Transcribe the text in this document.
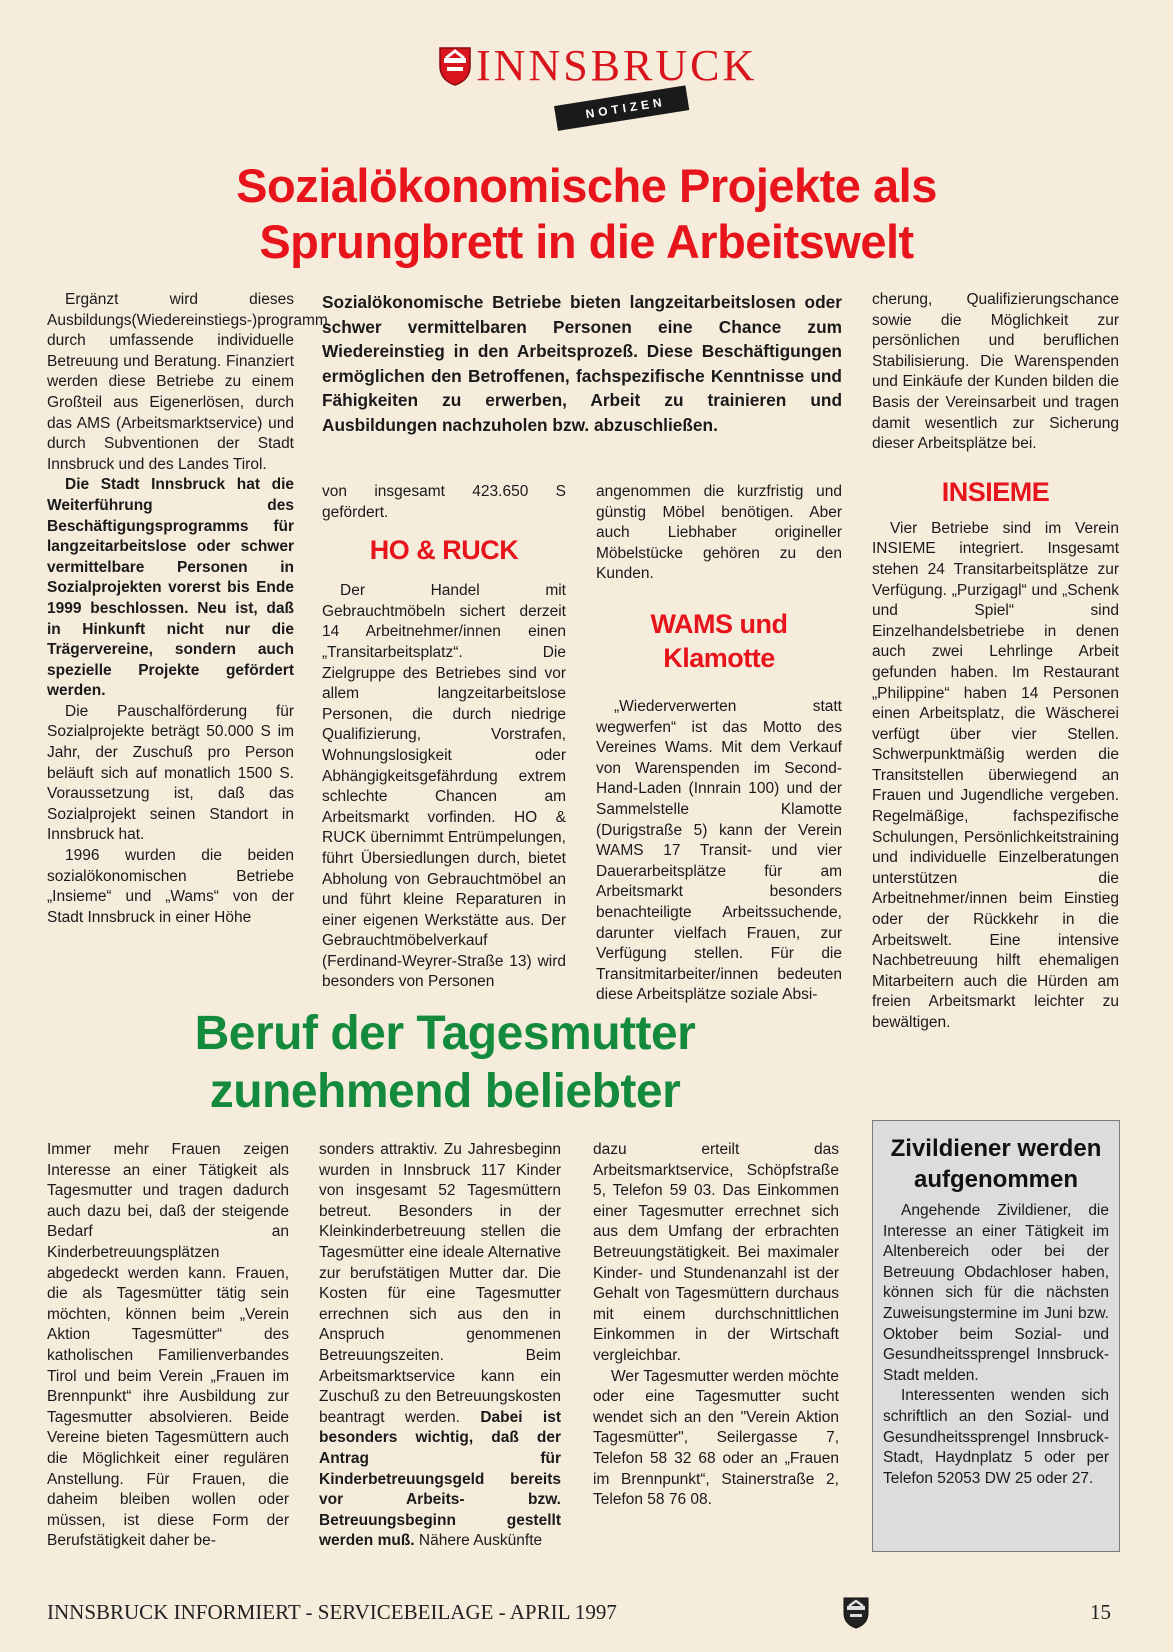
INNSBRUCK
NOTIZEN
Sozialökonomische Projekte als
Sprungbrett in die Arbeitswelt

Ergänzt wird dieses Ausbildungs(Wiedereinstiegs-)programm durch umfassende individuelle Betreuung und Beratung. Finanziert werden diese Betriebe zu einem Großteil aus Eigenerlösen, durch das AMS (Arbeitsmarktservice) und durch Subventionen der Stadt Innsbruck und des Landes Tirol.

Die Stadt Innsbruck hat die Weiterführung des Beschäftigungsprogramms für langzeitarbeitslose oder schwer vermittelbare Personen in Sozialprojekten vorerst bis Ende 1999 beschlossen. Neu ist, daß in Hinkunft nicht nur die Trägervereine, sondern auch spezielle Projekte gefördert werden.

Die Pauschalförderung für Sozialprojekte beträgt 50.000 S im Jahr, der Zuschuß pro Person beläuft sich auf monatlich 1500 S. Voraussetzung ist, daß das Sozialprojekt seinen Standort in Innsbruck hat.

1996 wurden die beiden sozialökonomischen Betriebe „Insieme“ und „Wams“ von der Stadt Innsbruck in einer Höhe

Sozialökonomische Betriebe bieten langzeitarbeitslosen oder schwer vermittelbaren Personen eine Chance zum Wiedereinstieg in den Arbeitsprozeß. Diese Beschäftigungen ermöglichen den Betroffenen, fachspezifische Kenntnisse und Fähigkeiten zu erwerben, Arbeit zu trainieren und Ausbildungen nachzuholen bzw. abzuschließen.

von insgesamt 423.650 S gefördert.

HO & RUCK

Der Handel mit Gebrauchtmöbeln sichert derzeit 14 Arbeitnehmer/innen einen „Transitarbeitsplatz“. Die Zielgruppe des Betriebes sind vor allem langzeitarbeitslose Personen, die durch niedrige Qualifizierung, Vorstrafen, Wohnungslosigkeit oder Abhängigkeitsgefährdung extrem schlechte Chancen am Arbeitsmarkt vorfinden. HO & RUCK übernimmt Entrümpelungen, führt Übersiedlungen durch, bietet Abholung von Gebrauchtmöbel an und führt kleine Reparaturen in einer eigenen Werkstätte aus. Der Gebrauchtmöbelverkauf (Ferdinand-Weyrer-Straße 13) wird besonders von Personen

angenommen die kurzfristig und günstig Möbel benötigen. Aber auch Liebhaber origineller Möbelstücke gehören zu den Kunden.

WAMS und
Klamotte

„Wiederverwerten statt wegwerfen“ ist das Motto des Vereines Wams. Mit dem Verkauf von Warenspenden im Second-Hand-Laden (Innrain 100) und der Sammelstelle Klamotte (Durigstraße 5) kann der Verein WAMS 17 Transit- und vier Dauerarbeitsplätze für am Arbeitsmarkt besonders benachteiligte Arbeitssuchende, darunter vielfach Frauen, zur Verfügung stellen. Für die Transitmitarbeiter/innen bedeuten diese Arbeitsplätze soziale Absi-

cherung, Qualifizierungschance sowie die Möglichkeit zur persönlichen und beruflichen Stabilisierung. Die Warenspenden und Einkäufe der Kunden bilden die Basis der Vereinsarbeit und tragen damit wesentlich zur Sicherung dieser Arbeitsplätze bei.

INSIEME

Vier Betriebe sind im Verein INSIEME integriert. Insgesamt stehen 24 Transitarbeitsplätze zur Verfügung. „Purzigagl“ und „Schenk und Spiel“ sind Einzelhandelsbetriebe in denen auch zwei Lehrlinge Arbeit gefunden haben. Im Restaurant „Philippine“ haben 14 Personen einen Arbeitsplatz, die Wäscherei verfügt über vier Stellen. Schwerpunktmäßig werden die Transitstellen überwiegend an Frauen und Jugendliche vergeben. Regelmäßige, fachspezifische Schulungen, Persönlichkeitstraining und individuelle Einzelberatungen unterstützen die Arbeitnehmer/innen beim Einstieg oder der Rückkehr in die Arbeitswelt. Eine intensive Nachbetreuung hilft ehemaligen Mitarbeitern auch die Hürden am freien Arbeitsmarkt leichter zu bewältigen.

Beruf der Tagesmutter
zunehmend beliebter

Immer mehr Frauen zeigen Interesse an einer Tätigkeit als Tagesmutter und tragen dadurch auch dazu bei, daß der steigende Bedarf an Kinderbetreuungsplätzen abgedeckt werden kann. Frauen, die als Tagesmütter tätig sein möchten, können beim „Verein Aktion Tagesmütter“ des katholischen Familienverbandes Tirol und beim Verein „Frauen im Brennpunkt“ ihre Ausbildung zur Tagesmutter absolvieren. Beide Vereine bieten Tagesmüttern auch die Möglichkeit einer regulären Anstellung. Für Frauen, die daheim bleiben wollen oder müssen, ist diese Form der Berufstätigkeit daher be-

sonders attraktiv. Zu Jahresbeginn wurden in Innsbruck 117 Kinder von insgesamt 52 Tagesmüttern betreut. Besonders in der Kleinkinderbetreuung stellen die Tagesmütter eine ideale Alternative zur berufstätigen Mutter dar. Die Kosten für eine Tagesmutter errechnen sich aus den in Anspruch genommenen Betreuungszeiten. Beim Arbeitsmarktservice kann ein Zuschuß zu den Betreuungskosten beantragt werden. Dabei ist besonders wichtig, daß der Antrag für Kinderbetreuungsgeld bereits vor Arbeits- bzw. Betreuungsbeginn gestellt werden muß. Nähere Auskünfte

dazu erteilt das Arbeitsmarktservice, Schöpfstraße 5, Telefon 59 03. Das Einkommen einer Tagesmutter errechnet sich aus dem Umfang der erbrachten Betreuungstätigkeit. Bei maximaler Kinder- und Stundenanzahl ist der Gehalt von Tagesmüttern durchaus mit einem durchschnittlichen Einkommen in der Wirtschaft vergleichbar.

Wer Tagesmutter werden möchte oder eine Tagesmutter sucht wendet sich an den "Verein Aktion Tagesmütter", Seilergasse 7, Telefon 58 32 68 oder an „Frauen im Brennpunkt“, Stainerstraße 2, Telefon 58 76 08.

Zivildiener werden
aufgenommen

Angehende Zivildiener, die Interesse an einer Tätigkeit im Altenbereich oder bei der Betreuung Obdachloser haben, können sich für die nächsten Zuweisungstermine im Juni bzw. Oktober beim Sozial- und Gesundheitssprengel Innsbruck-Stadt melden.

Interessenten wenden sich schriftlich an den Sozial- und Gesundheitssprengel Innsbruck-Stadt, Haydnplatz 5 oder per Telefon 52053 DW 25 oder 27.

INNSBRUCK INFORMIERT - SERVICEBEILAGE - APRIL 1997	15
